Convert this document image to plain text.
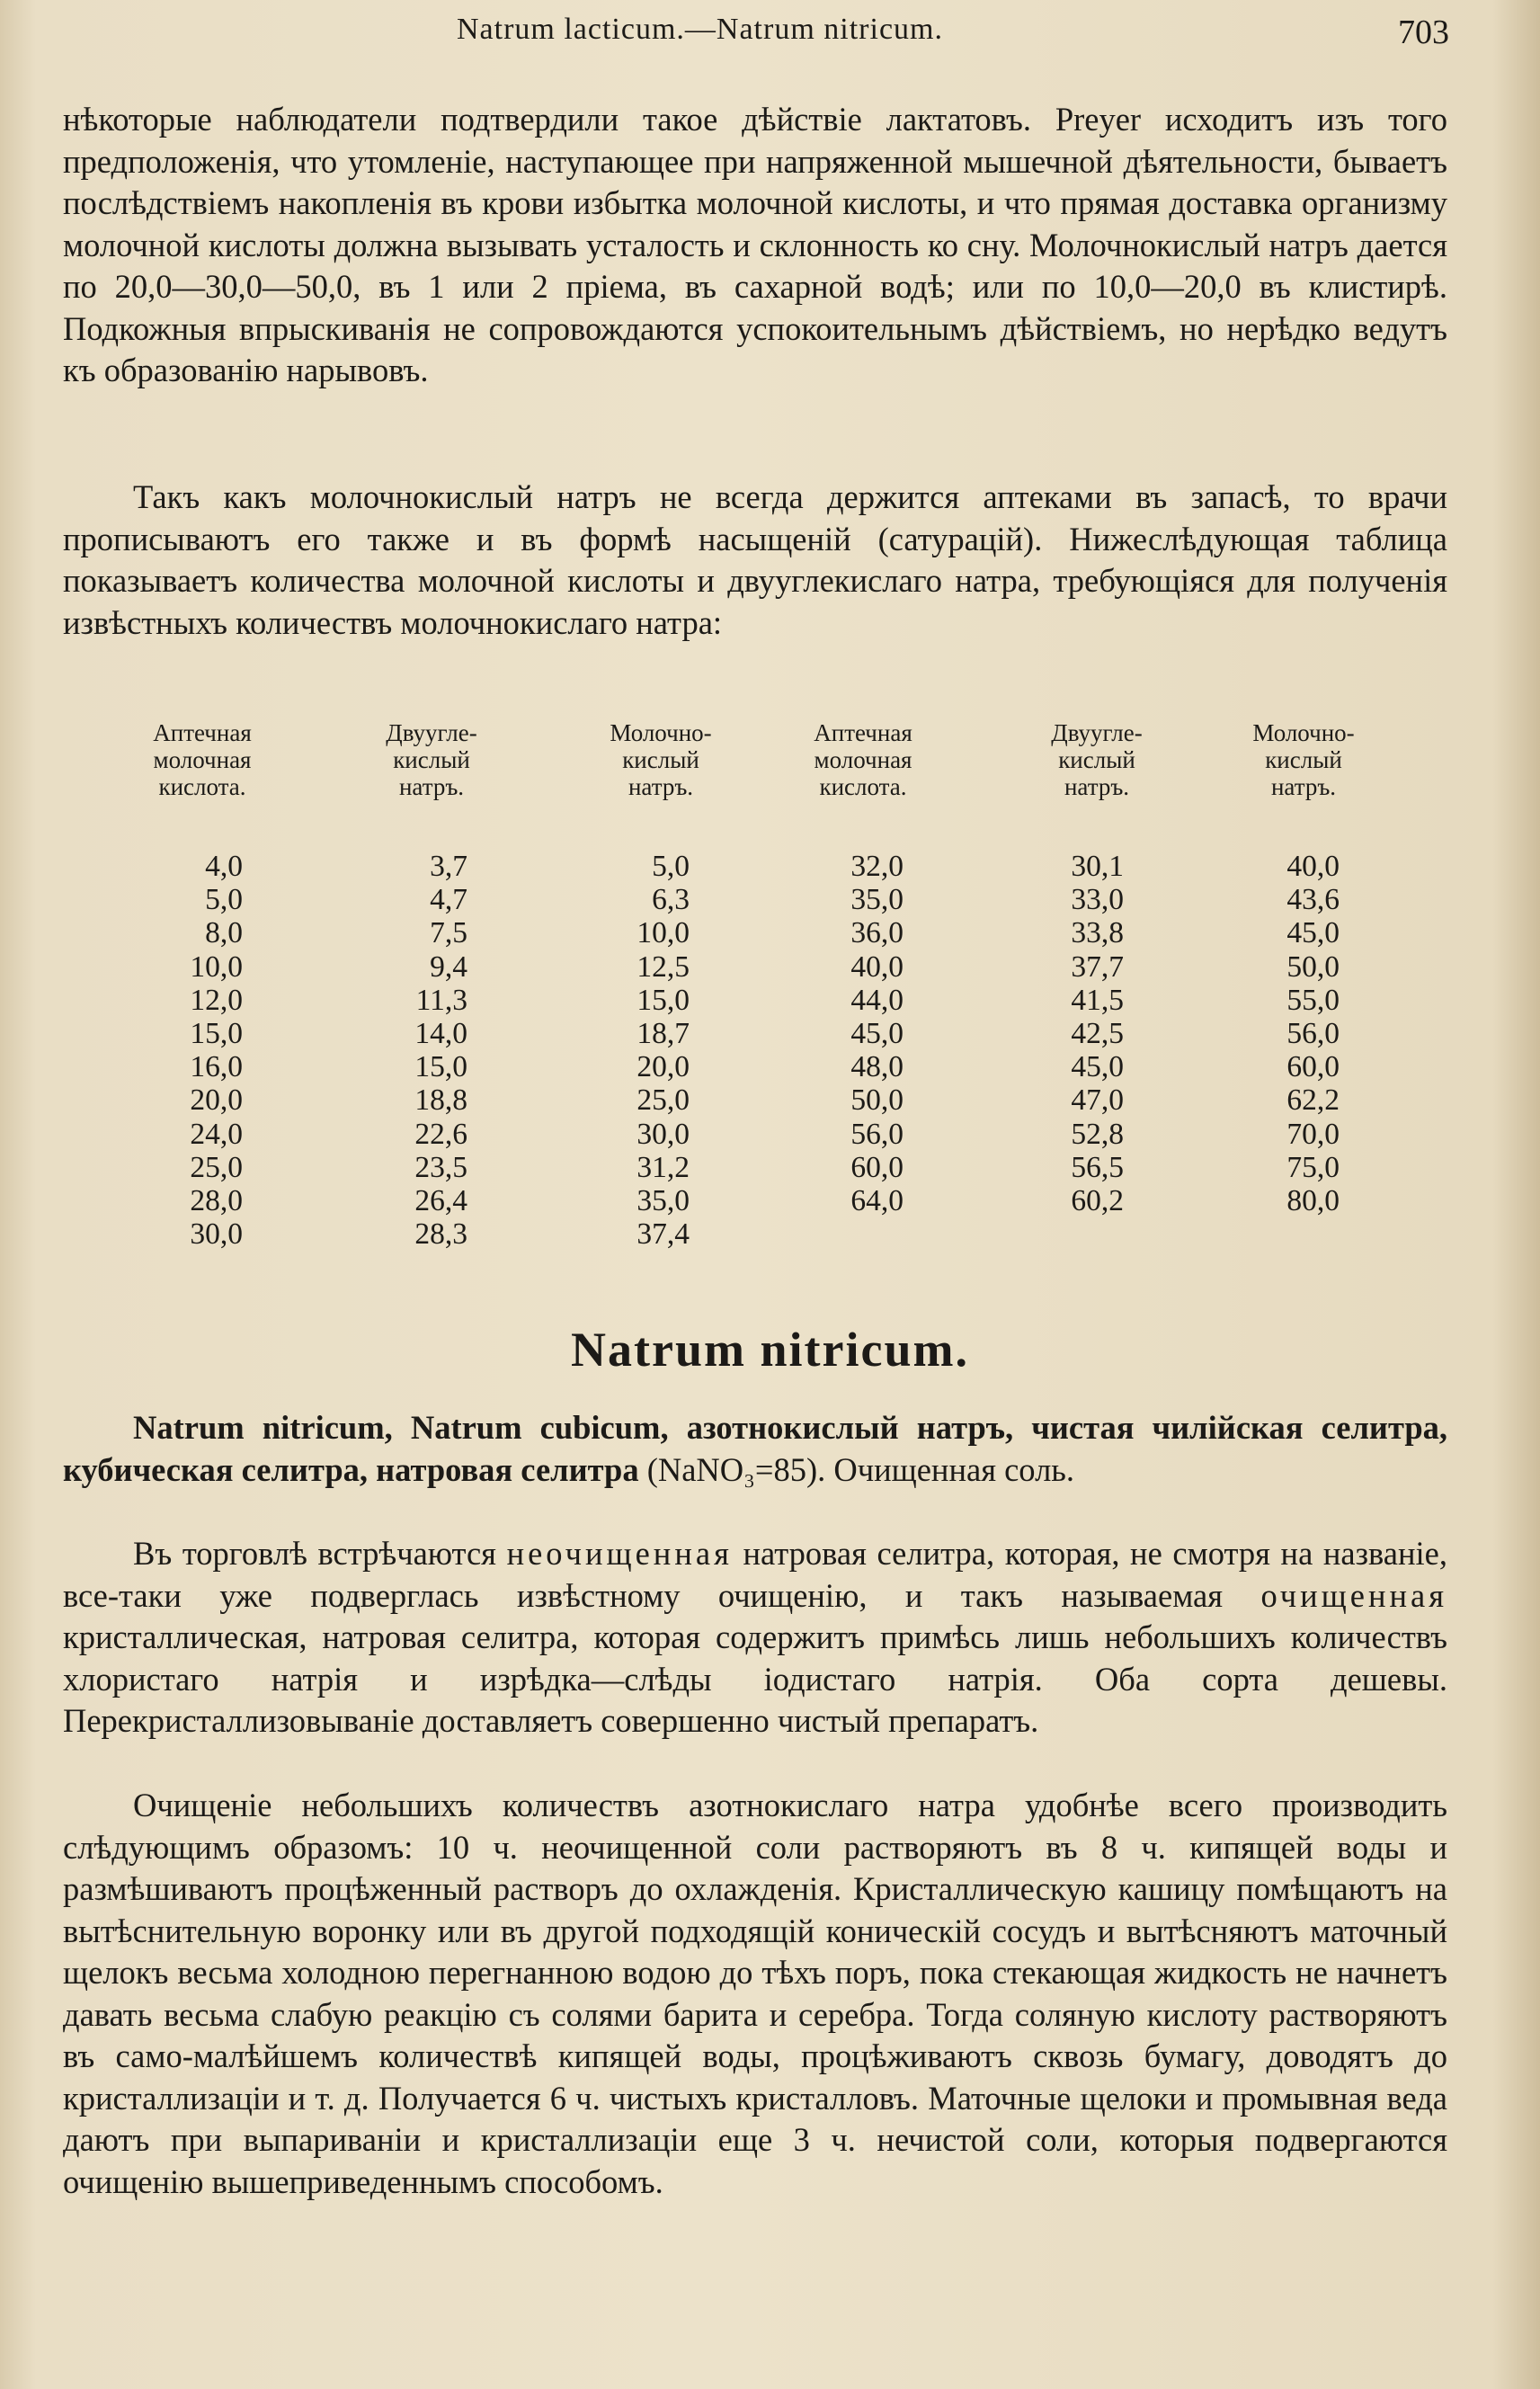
Natrum lacticum.—Natrum nitricum.	703

нѣкоторые наблюдатели подтвердили такое дѣйствіе лактатовъ. Preyer исходитъ изъ того предположенія, что утомленіе, наступающее при напряженной мышечной дѣятельности, бываетъ послѣдствіемъ накопленія въ крови избытка молочной кислоты, и что прямая доставка организму молочной кислоты должна вызывать усталость и склонность ко сну. Молочнокислый натръ дается по 20,0—30,0—50,0, въ 1 или 2 пріема, въ сахарной водѣ; или по 10,0—20,0 въ клистирѣ. Подкожныя впрыскиванія не сопровождаются успокоительнымъ дѣйствіемъ, но нерѣдко ведутъ къ образованію нарывовъ.

Такъ какъ молочнокислый натръ не всегда держится аптеками въ запасѣ, то врачи прописываютъ его также и въ формѣ насыщеній (сатурацій). Нижеслѣдующая таблица показываетъ количества молочной кислоты и двууглекислаго натра, требующіяся для полученія извѣстныхъ количествъ молочнокислаго натра:

Аптечная
молочная
кислота.
Двуугле-
кислый
натръ.
Молочно-
кислый
натръ.
Аптечная
молочная
кислота.
Двуугле-
кислый
натръ.
Молочно-
кислый
натръ.
4,0
5,0
8,0
10,0
12,0
15,0
16,0
20,0
24,0
25,0
28,0
30,0
3,7
4,7
7,5
9,4
11,3
14,0
15,0
18,8
22,6
23,5
26,4
28,3
5,0
6,3
10,0
12,5
15,0
18,7
20,0
25,0
30,0
31,2
35,0
37,4
32,0
35,0
36,0
40,0
44,0
45,0
48,0
50,0
56,0
60,0
64,0
30,1
33,0
33,8
37,7
41,5
42,5
45,0
47,0
52,8
56,5
60,2
40,0
43,6
45,0
50,0
55,0
56,0
60,0
62,2
70,0
75,0
80,0
Natrum nitricum.

Natrum nitricum, Natrum cubicum, азотнокислый натръ, чистая чилійская селитра, кубическая селитра, натровая селитра (NaNO₃=85). Очищенная соль.

Въ торговлѣ встрѣчаются неочищенная натровая селитра, которая, не смотря на названіе, все-таки уже подверглась извѣстному очищенію, и такъ называемая очищенная кристаллическая, натровая селитра, которая содержитъ примѣсь лишь небольшихъ количествъ хлористаго натрія и изрѣдка—слѣды іодистаго натрія. Оба сорта дешевы. Перекристаллизовываніе доставляетъ совершенно чистый препаратъ.

Очищеніе небольшихъ количествъ азотнокислаго натра удобнѣе всего производить слѣдующимъ образомъ: 10 ч. неочищенной соли растворяютъ въ 8 ч. кипящей воды и размѣшиваютъ процѣженный растворъ до охлажденія. Кристаллическую кашицу помѣщаютъ на вытѣснительную воронку или въ другой подходящій коническій сосудъ и вытѣсняютъ маточный щелокъ весьма холодною перегнанною водою до тѣхъ поръ, пока стекающая жидкость не начнетъ давать весьма слабую реакцію съ солями барита и серебра. Тогда соляную кислоту растворяютъ въ само-малѣйшемъ количествѣ кипящей воды, процѣживаютъ сквозь бумагу, доводятъ до кристаллизаціи и т. д. Получается 6 ч. чистыхъ кристалловъ. Маточные щелоки и промывная веда даютъ при выпариваніи и кристаллизаціи еще 3 ч. нечистой соли, которыя подвергаются очищенію вышеприведеннымъ способомъ.
